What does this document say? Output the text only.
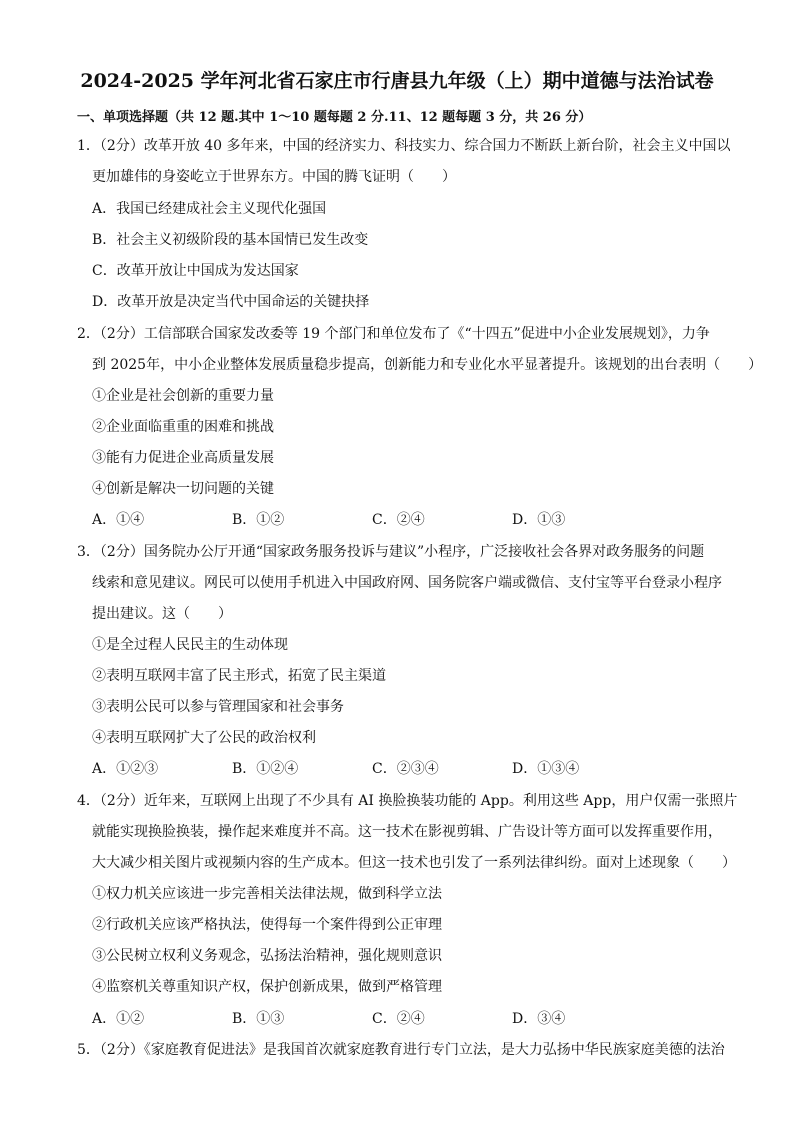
2024-2025 学年河北省石家庄市行唐县九年级（上）期中道德与法治试卷
一、单项选择题（共 12 题.其中 1～10 题每题 2 分.11、12 题每题 3 分，共 26 分）
1．（2分）改革开放 40 多年来，中国的经济实力、科技实力、综合国力不断跃上新台阶，社会主义中国以
更加雄伟的身姿屹立于世界东方。中国的腾飞证明（　　）
A．我国已经建成社会主义现代化强国
B．社会主义初级阶段的基本国情已发生改变
C．改革开放让中国成为发达国家
D．改革开放是决定当代中国命运的关键抉择
2．（2分）工信部联合国家发改委等 19 个部门和单位发布了《“十四五”促进中小企业发展规划》，力争
到 2025年，中小企业整体发展质量稳步提高，创新能力和专业化水平显著提升。该规划的出台表明（　　）
①企业是社会创新的重要力量
②企业面临重重的困难和挑战
③能有力促进企业高质量发展
④创新是解决一切问题的关键
A．①④	B．①②	C．②④	D．①③
3．（2分）国务院办公厅开通“国家政务服务投诉与建议”小程序，广泛接收社会各界对政务服务的问题
线索和意见建议。网民可以使用手机进入中国政府网、国务院客户端或微信、支付宝等平台登录小程序
提出建议。这（　　）
①是全过程人民民主的生动体现
②表明互联网丰富了民主形式，拓宽了民主渠道
③表明公民可以参与管理国家和社会事务
④表明互联网扩大了公民的政治权利
A．①②③	B．①②④	C．②③④	D．①③④
4．（2分）近年来，互联网上出现了不少具有 AI 换脸换装功能的 App。利用这些 App，用户仅需一张照片
就能实现换脸换装，操作起来难度并不高。这一技术在影视剪辑、广告设计等方面可以发挥重要作用，
大大减少相关图片或视频内容的生产成本。但这一技术也引发了一系列法律纠纷。面对上述现象（　　）
①权力机关应该进一步完善相关法律法规，做到科学立法
②行政机关应该严格执法，使得每一个案件得到公正审理
③公民树立权利义务观念，弘扬法治精神，强化规则意识
④监察机关尊重知识产权，保护创新成果，做到严格管理
A．①②	B．①③	C．②④	D．③④
5．（2分）《家庭教育促进法》是我国首次就家庭教育进行专门立法，是大力弘扬中华民族家庭美德的法治
